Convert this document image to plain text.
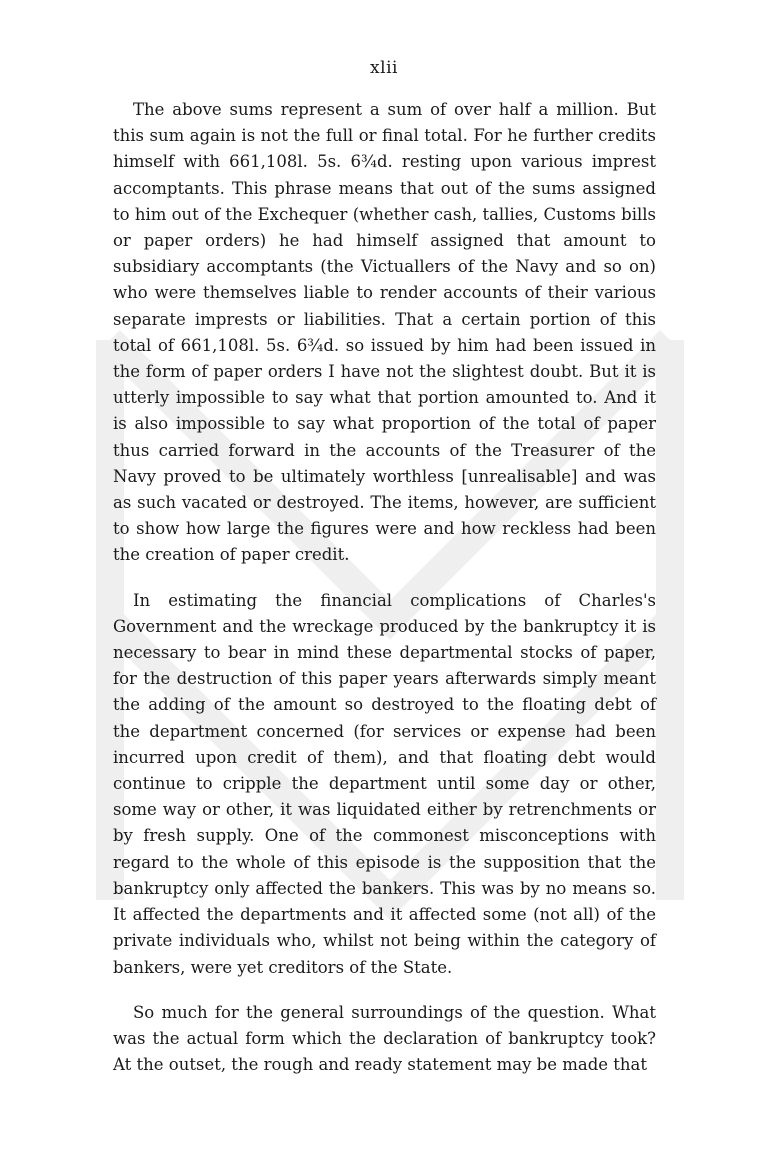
xlii

The above sums represent a sum of over half a million. But this sum again is not the full or final total. For he further credits himself with 661,108l. 5s. 6¾d. resting upon various imprest accomptants. This phrase means that out of the sums assigned to him out of the Exchequer (whether cash, tallies, Customs bills or paper orders) he had himself assigned that amount to subsidiary accomptants (the Victuallers of the Navy and so on) who were themselves liable to render accounts of their various separate imprests or liabilities. That a certain portion of this total of 661,108l. 5s. 6¾d. so issued by him had been issued in the form of paper orders I have not the slightest doubt. But it is utterly impossible to say what that portion amounted to. And it is also impossible to say what proportion of the total of paper thus carried forward in the accounts of the Treasurer of the Navy proved to be ultimately worthless [unrealisable] and was as such vacated or destroyed. The items, however, are sufficient to show how large the figures were and how reckless had been the creation of paper credit.

In estimating the financial complications of Charles's Government and the wreckage produced by the bankruptcy it is necessary to bear in mind these departmental stocks of paper, for the destruction of this paper years afterwards simply meant the adding of the amount so destroyed to the floating debt of the department concerned (for services or expense had been incurred upon credit of them), and that floating debt would continue to cripple the department until some day or other, some way or other, it was liquidated either by retrenchments or by fresh supply. One of the commonest misconceptions with regard to the whole of this episode is the supposition that the bankruptcy only affected the bankers. This was by no means so. It affected the departments and it affected some (not all) of the private individuals who, whilst not being within the category of bankers, were yet creditors of the State.

So much for the general surroundings of the question. What was the actual form which the declaration of bankruptcy took? At the outset, the rough and ready statement may be made that
